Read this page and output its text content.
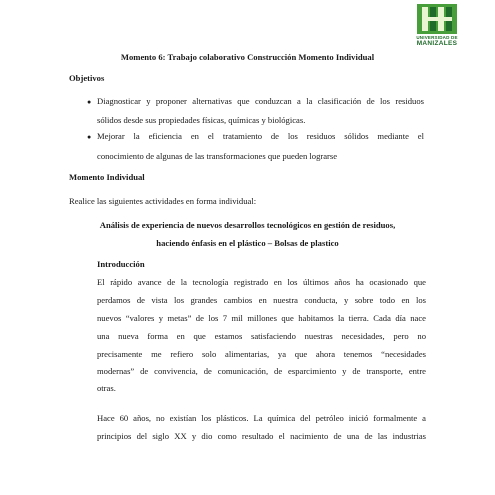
UNIVERSIDAD DE
MANIZALES
Momento 6: Trabajo colaborativo Construcción Momento Individual
Objetivos
● Diagnosticar y proponer alternativas que conduzcan a la clasificación de los residuos
sólidos desde sus propiedades físicas, químicas y biológicas.
● Mejorar la eficiencia en el tratamiento de los residuos sólidos mediante el
conocimiento de algunas de las transformaciones que pueden lograrse
Momento Individual
Realice las siguientes actividades en forma individual:
Análisis de experiencia de nuevos desarrollos tecnológicos en gestión de residuos,
haciendo énfasis en el plástico – Bolsas de plastico
Introducción
El rápido avance de la tecnología registrado en los últimos años ha ocasionado que
perdamos de vista los grandes cambios en nuestra conducta, y sobre todo en los
nuevos “valores y metas” de los 7 mil millones que habitamos la tierra. Cada día nace
una nueva forma en que estamos satisfaciendo nuestras necesidades, pero no
precisamente me refiero solo alimentarias, ya que ahora tenemos “necesidades
modernas” de convivencia, de comunicación, de esparcimiento y de transporte, entre
otras.
Hace 60 años, no existían los plásticos. La química del petróleo inició formalmente a
principios del siglo XX y dio como resultado el nacimiento de una de las industrias
